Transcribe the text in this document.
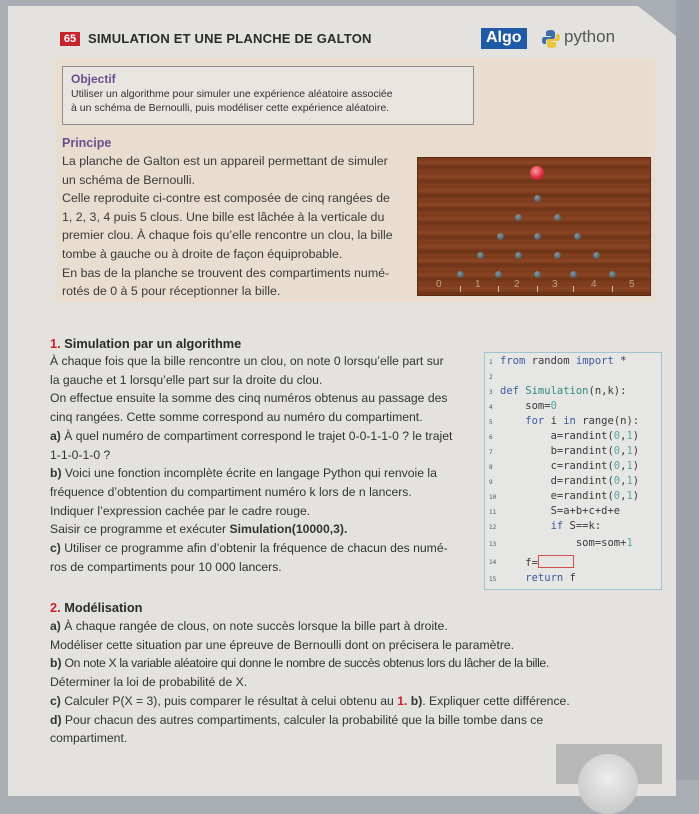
65 SIMULATION ET UNE PLANCHE DE GALTON	Algo python
Objectif
Utiliser un algorithme pour simuler une expérience aléatoire associée
à un schéma de Bernoulli, puis modéliser cette expérience aléatoire.
Principe
La planche de Galton est un appareil permettant de simuler
un schéma de Bernoulli.
Celle reproduite ci-contre est composée de cinq rangées de
1, 2, 3, 4 puis 5 clous. Une bille est lâchée à la verticale du
premier clou. À chaque fois qu’elle rencontre un clou, la bille
tombe à gauche ou à droite de façon équiprobable.
En bas de la planche se trouvent des compartiments numé-
rotés de 0 à 5 pour réceptionner la bille.	0	1	2	3	4	5
1. Simulation par un algorithme
À chaque fois que la bille rencontre un clou, on note 0 lorsqu’elle part sur
la gauche et 1 lorsqu’elle part sur la droite du clou.
On effectue ensuite la somme des cinq numéros obtenus au passage des
cinq rangées. Cette somme correspond au numéro du compartiment.
a) À quel numéro de compartiment correspond le trajet 0-0-1-1-0 ? le trajet
1-1-0-1-0 ?
b) Voici une fonction incomplète écrite en langage Python qui renvoie la
fréquence d’obtention du compartiment numéro k lors de n lancers.
Indiquer l’expression cachée par le cadre rouge.
Saisir ce programme et exécuter Simulation(10000,3).
c) Utiliser ce programme afin d’obtenir la fréquence de chacun des numé-
ros de compartiments pour 10 000 lancers.
1 from random import *
2
3 def Simulation(n,k):
4 som=0
5 for i in range(n):
6 a=randint(0,1)
7 b=randint(0,1)
8 c=randint(0,1)
9 d=randint(0,1)
10 e=randint(0,1)
11 S=a+b+c+d+e
12 if S==k:
13 som=som+1
14 f=
15 return f
2. Modélisation
a) À chaque rangée de clous, on note succès lorsque la bille part à droite.
Modéliser cette situation par une épreuve de Bernoulli dont on précisera le paramètre.
b) On note X la variable aléatoire qui donne le nombre de succès obtenus lors du lâcher de la bille.
Déterminer la loi de probabilité de X.
c) Calculer P(X = 3), puis comparer le résultat à celui obtenu au 1. b). Expliquer cette différence.
d) Pour chacun des autres compartiments, calculer la probabilité que la bille tombe dans ce
compartiment.
